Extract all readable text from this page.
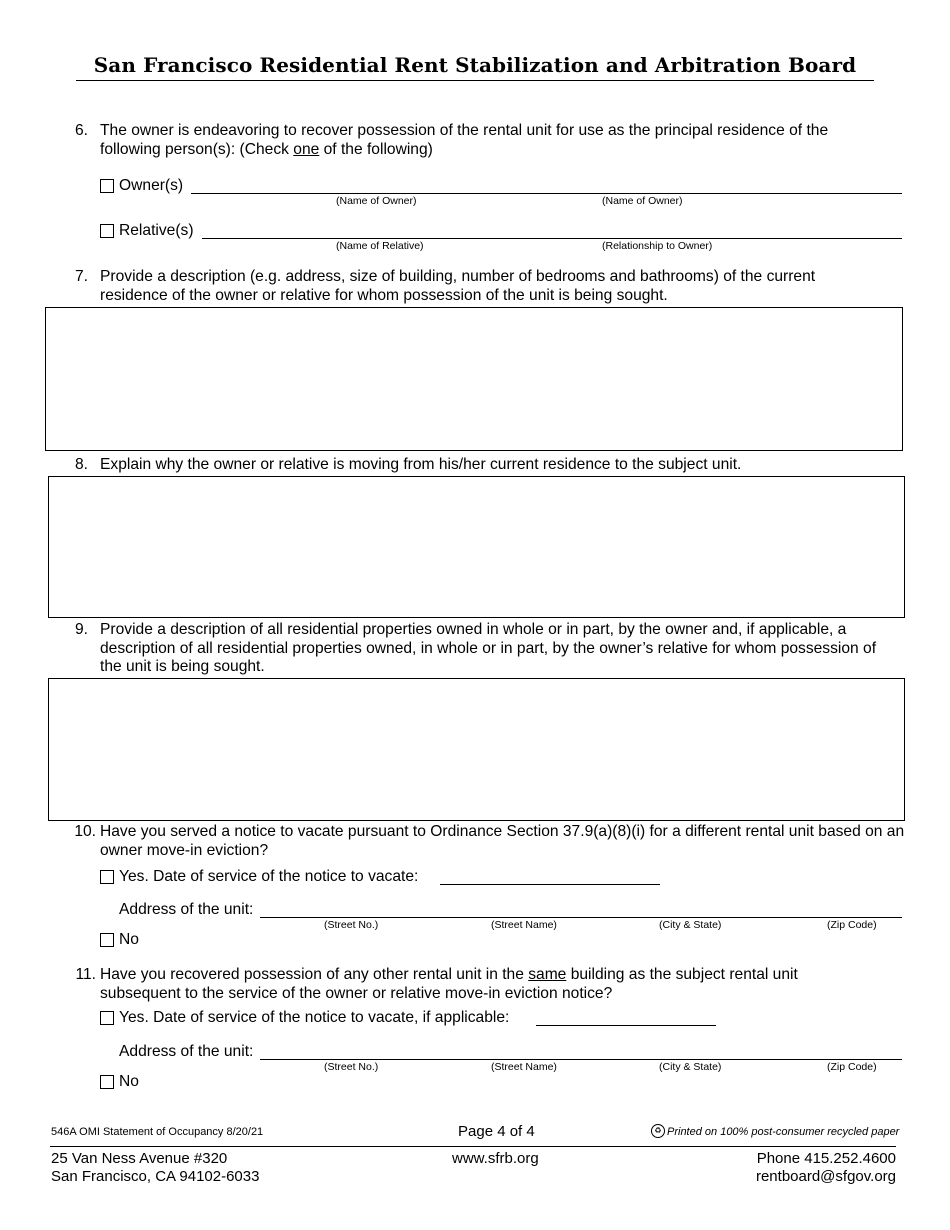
San Francisco Residential Rent Stabilization and Arbitration Board
6. The owner is endeavoring to recover possession of the rental unit for use as the principal residence of the following person(s): (Check one of the following)
Owner(s)
(Name of Owner)	(Name of Owner)
Relative(s)
(Name of Relative)	(Relationship to Owner)
7. Provide a description (e.g. address, size of building, number of bedrooms and bathrooms) of the current residence of the owner or relative for whom possession of the unit is being sought.
8. Explain why the owner or relative is moving from his/her current residence to the subject unit.
9. Provide a description of all residential properties owned in whole or in part, by the owner and, if applicable, a description of all residential properties owned, in whole or in part, by the owner’s relative for whom possession of the unit is being sought.
10. Have you served a notice to vacate pursuant to Ordinance Section 37.9(a)(8)(i) for a different rental unit based on an owner move-in eviction?
Yes. Date of service of the notice to vacate:
Address of the unit:
(Street No.)	(Street Name)	(City & State)	(Zip Code)
No
11. Have you recovered possession of any other rental unit in the same building as the subject rental unit subsequent to the service of the owner or relative move-in eviction notice?
Yes. Date of service of the notice to vacate, if applicable:
Address of the unit:
(Street No.)	(Street Name)	(City & State)	(Zip Code)
No
546A OMI Statement of Occupancy 8/20/21	Page 4 of 4	♻ Printed on 100% post-consumer recycled paper
25 Van Ness Avenue #320
San Francisco, CA 94102-6033
www.sfrb.org	Phone 415.252.4600
rentboard@sfgov.org
